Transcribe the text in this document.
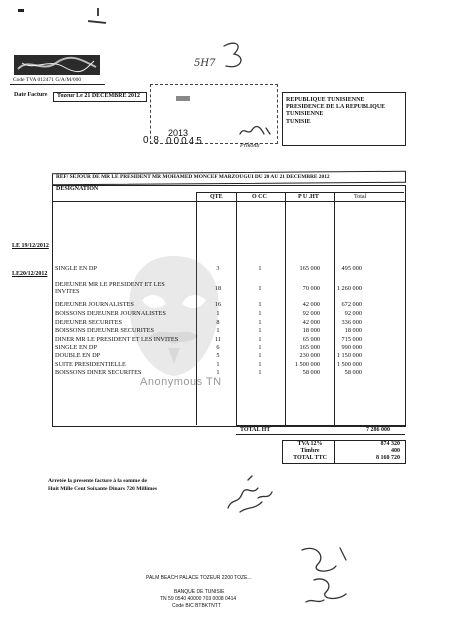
Code TVA 012471 G/A/M/000
5H7
Date Facture Tozeur Le 21 DECEMBRE 2012
2013
0 8 00045	Prikonti
REPUBLIQUE TUNISIENNE
PRESIDENCE DE LA REPUBLIQUE
TUNISIENNE
TUNISIE
REF/ SEJOUR DE MR LE PRESIDENT MR MOHAMED MONCEF MARZOUGUI DU 20 AU 21 DECEMBRE 2012
DESIGNATION
QTE	O CC	P U .HT	Total
LE 19/12/2012
LE20/12/2012
Anonymous TN
SINGLE EN DP	3	1	165 000	495 000
DEJEUNER MR LE PRESIDENT ET LES INVITES	18	1	70 000	1 260 000
DEJEUNER JOURNALISTES	16	1	42 000	672 000
BOISSONS DEJEUNER JOURNALISTES	1	1	92 000	92 000
DEJEUNER SECURITES	8	1	42 000	336 000
BOISSONS DEJEUNER SECURITES	1	1	18 000	18 000
DINER MR LE PRESIDENT ET LES INVITES	11	1	65 000	715 000
SINGLE EN DP	6	1	165 000	990 000
DOUBLE EN DP	5	1	230 000	1 150 000
SUITE PRESIDENTIELLE	1	1	1 500 000	1 500 000
BOISSONS DINER SECURITES	1	1	58 000	58 000
TOTAL HT	7 286 000
TVA 12%	874 320
Timbre	400
TOTAL TTC	8 160 720
Arretée la presente facture à la somme de
Huit Mille Cent Soixante Dinars 720 Millimes
PALM BEACH PALACE TOZEUR 2200 TOZE...
BANQUE DE TUNISIE
TN 59 0540 40000 703 0008 0414
Code BIC BTBKTNTT
